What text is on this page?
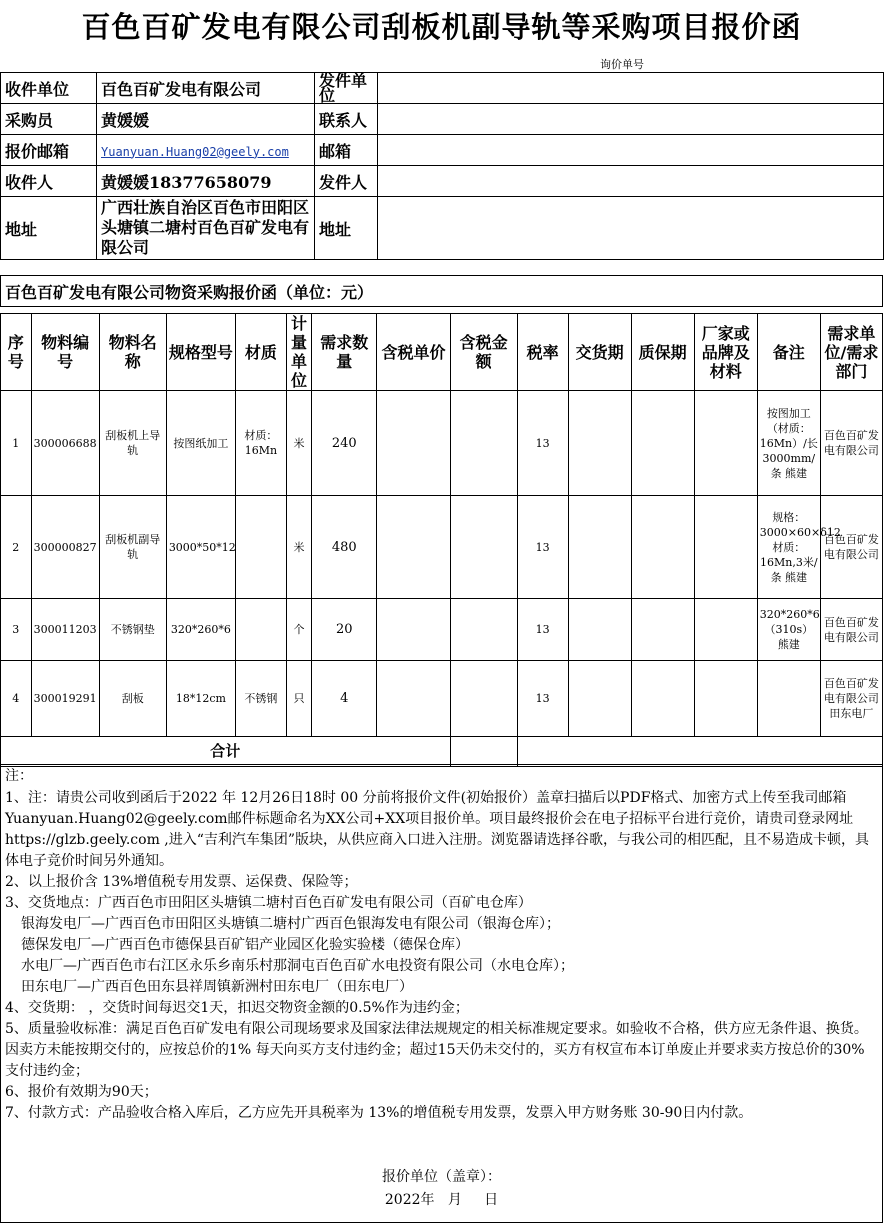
百色百矿发电有限公司刮板机副导轨等采购项目报价函
询价单号
收件单位	百色百矿发电有限公司	发件单位	
采购员	黄媛媛	联系人	
报价邮箱	Yuanyuan.Huang02@geely.com	邮箱	
收件人	黄媛媛18377658079	发件人	
地址	广西壮族自治区百色市田阳区头塘镇二塘村百色百矿发电有限公司	地址	
百色百矿发电有限公司物资采购报价函（单位：元）
序号	物料编号	物料名称	规格型号	材质	计量单位	需求数量	含税单价	含税金额	税率	交货期	质保期	厂家或品牌及材料	备注	需求单位/需求部门
1	300006688	刮板机上导轨	按图纸加工	材质：16Mn	米	240			13				按图加工（材质：16Mn）/长3000mm/条 熊建	百色百矿发电有限公司
2	300000827	刮板机副导轨	3000*50*12		米	480			13				规格：3000×60×δ12 材质：16Mn,3米/条 熊建	百色百矿发电有限公司
3	300011203	不锈钢垫	320*260*6		个	20			13				320*260*6（310s）熊建	百色百矿发电有限公司
4	300019291	刮板	18*12cm	不锈钢	只	4			13					百色百矿发电有限公司田东电厂
合计														

注：

1、注：请贵公司收到函后于2022 年 12月26日18时 00 分前将报价文件(初始报价）盖章扫描后以PDF格式、加密方式上传至我司邮箱Yuanyuan.Huang02@geely.com邮件标题命名为XX公司+XX项目报价单。项目最终报价会在电子招标平台进行竞价，请贵司登录网址https://glzb.geely.com ,进入“吉利汽车集团”版块，从供应商入口进入注册。浏览器请选择谷歌，与我公司的相匹配，且不易造成卡顿，具体电子竞价时间另外通知。

2、以上报价含 13%增值税专用发票、运保费、保险等；

3、交货地点：广西百色市田阳区头塘镇二塘村百色百矿发电有限公司（百矿电仓库）

银海发电厂—广西百色市田阳区头塘镇二塘村广西百色银海发电有限公司（银海仓库）；

德保发电厂—广西百色市德保县百矿铝产业园区化验实验楼（德保仓库）

水电厂—广西百色市右江区永乐乡南乐村那洞屯百色百矿水电投资有限公司（水电仓库）；

田东电厂—广西百色田东县祥周镇新洲村田东电厂（田东电厂）

4、交货期： ，交货时间每迟交1天，扣迟交物资金额的0.5%作为违约金；

5、质量验收标准：满足百色百矿发电有限公司现场要求及国家法律法规规定的相关标准规定要求。如验收不合格，供方应无条件退、换货。因卖方未能按期交付的，应按总价的1% 每天向买方支付违约金；超过15天仍未交付的，买方有权宣布本订单废止并要求卖方按总价的30%支付违约金；

6、报价有效期为90天；

7、付款方式：产品验收合格入库后，乙方应先开具税率为 13%的增值税专用发票，发票入甲方财务账 30-90日内付款。

报价单位（盖章）：
2022年   月     日
